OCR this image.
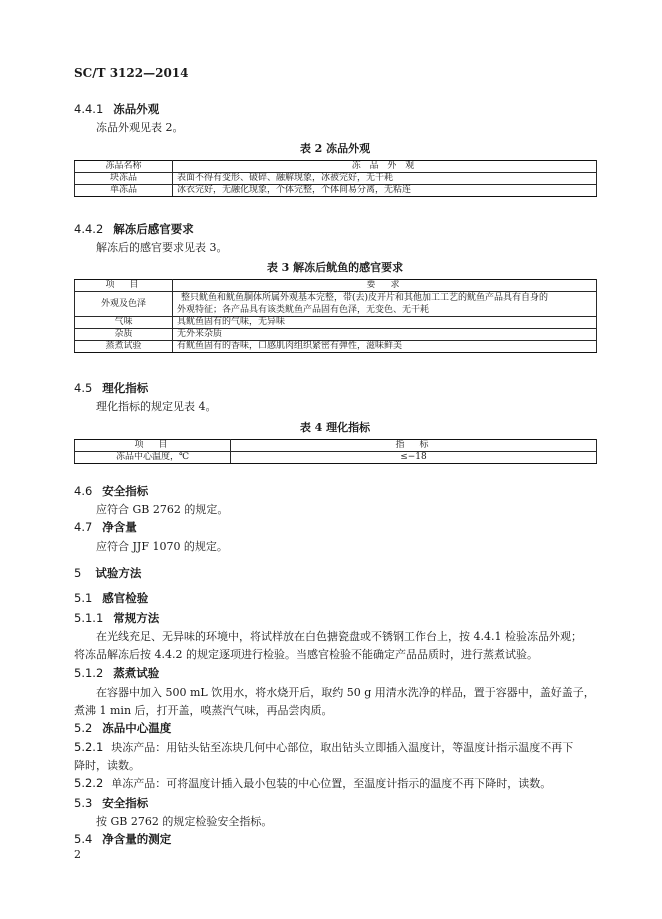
SC/T 3122—2014
4.4.1 冻品外观
冻品外观见表 2。
表 2 冻品外观
冻品名称	冻 品 外 观
块冻品	表面不得有变形、破碎、融解现象，冰被完好，无干耗
单冻品	冰衣完好，无融化现象，个体完整，个体间易分离，无粘连
4.4.2 解冻后感官要求
解冻后的感官要求见表 3。
表 3 解冻后鱿鱼的感官要求
项　目	要　求
外观及色泽	整只鱿鱼和鱿鱼胴体所属外观基本完整，带(去)皮开片和其他加工工艺的鱿鱼产品具有自身的
外观特征；各产品具有该类鱿鱼产品固有色泽，无变色、无干耗

气味	具鱿鱼固有的气味，无异味
杂质	无外来杂质
蒸煮试验	有鱿鱼固有的香味，口感肌肉组织紧密有弹性，滋味鲜美
4.5 理化指标
理化指标的规定见表 4。
表 4 理化指标
项　目	指　标
冻品中心温度，℃	≤−18
4.6 安全指标
应符合 GB 2762 的规定。
4.7 净含量
应符合 JJF 1070 的规定。
5 试验方法
5.1 感官检验
5.1.1 常规方法
在光线充足、无异味的环境中，将试样放在白色搪瓷盘或不锈钢工作台上，按 4.4.1 检验冻品外观；
将冻品解冻后按 4.4.2 的规定逐项进行检验。当感官检验不能确定产品品质时，进行蒸煮试验。
5.1.2 蒸煮试验
在容器中加入 500 mL 饮用水，将水烧开后，取约 50 g 用清水洗净的样品，置于容器中，盖好盖子，
煮沸 1 min 后，打开盖，嗅蒸汽气味，再品尝肉质。
5.2 冻品中心温度
5.2.1 块冻产品：用钻头钻至冻块几何中心部位，取出钻头立即插入温度计，等温度计指示温度不再下
降时，读数。
5.2.2 单冻产品：可将温度计插入最小包装的中心位置，至温度计指示的温度不再下降时，读数。
5.3 安全指标
按 GB 2762 的规定检验安全指标。
5.4 净含量的测定
2
